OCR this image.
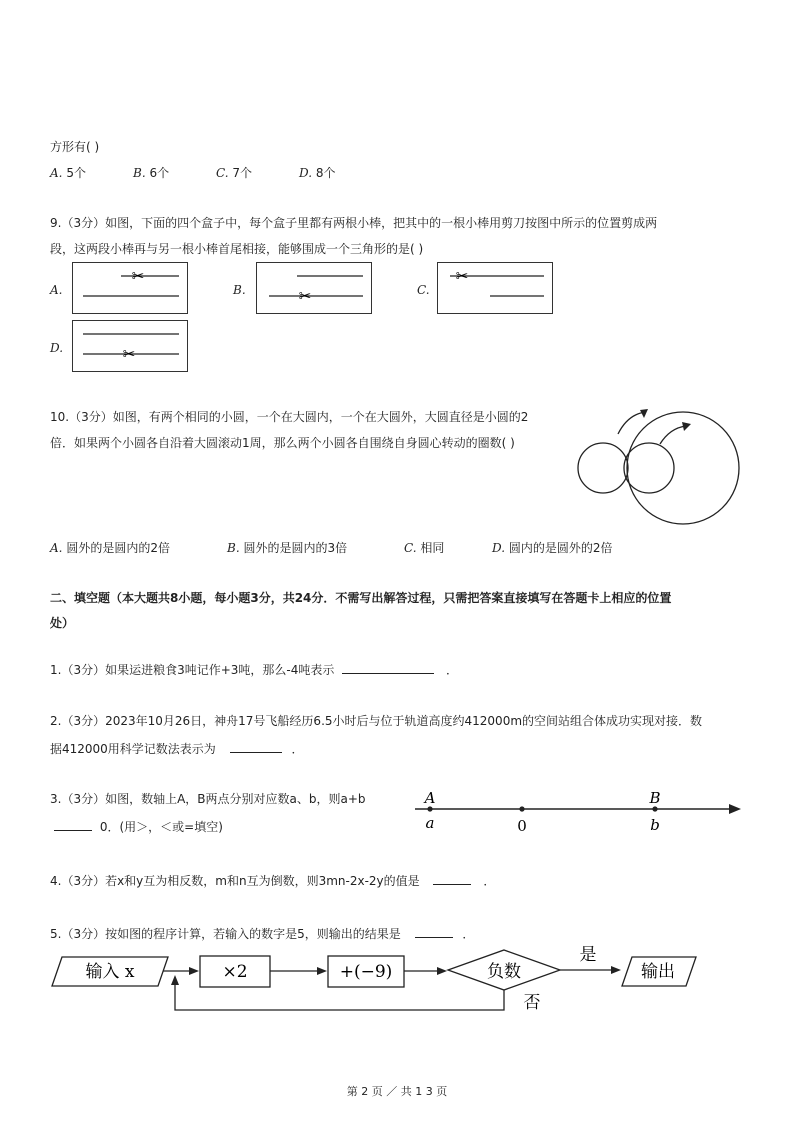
方形有( )
A. 5个	B. 6个	C. 7个	D. 8个
9.（3分）如图，下面的四个盒子中，每个盒子里都有两根小棒，把其中的一根小棒用剪刀按图中所示的位置剪成两
段，这两段小棒再与另一根小棒首尾相接，能够围成一个三角形的是( )
A.
✂
B.	✂	C.
✂
D.	✂
10.（3分）如图，有两个相同的小圆，一个在大圆内，一个在大圆外，大圆直径是小圆的2
倍．如果两个小圆各自沿着大圆滚动1周，那么两个小圆各自围绕自身圆心转动的圈数( )
A. 圆外的是圆内的2倍	B. 圆外的是圆内的3倍	C. 相同	D. 圆内的是圆外的2倍
二、填空题（本大题共8小题，每小题3分，共24分．不需写出解答过程，只需把答案直接填写在答题卡上相应的位置
处）
1.（3分）如果运进粮食3吨记作+3吨，那么-4吨表示	．
2.（3分）2023年10月26日，神舟17号飞船经历6.5小时后与位于轨道高度约412000m的空间站组合体成功实现对接．数
据412000用科学记数法表示为	．
3.（3分）如图，数轴上A，B两点分别对应数a、b，则a+b
0．(用＞，＜或=填空)
A
a	0
B
b
4.（3分）若x和y互为相反数，m和n互为倒数，则3mn-2x-2y的值是	．
5.（3分）按如图的程序计算，若输入的数字是5，则输出的结果是	．
输入 x	×2	+(−9)	负数
是
否
输出
第 2 页 ／ 共 1 3 页
